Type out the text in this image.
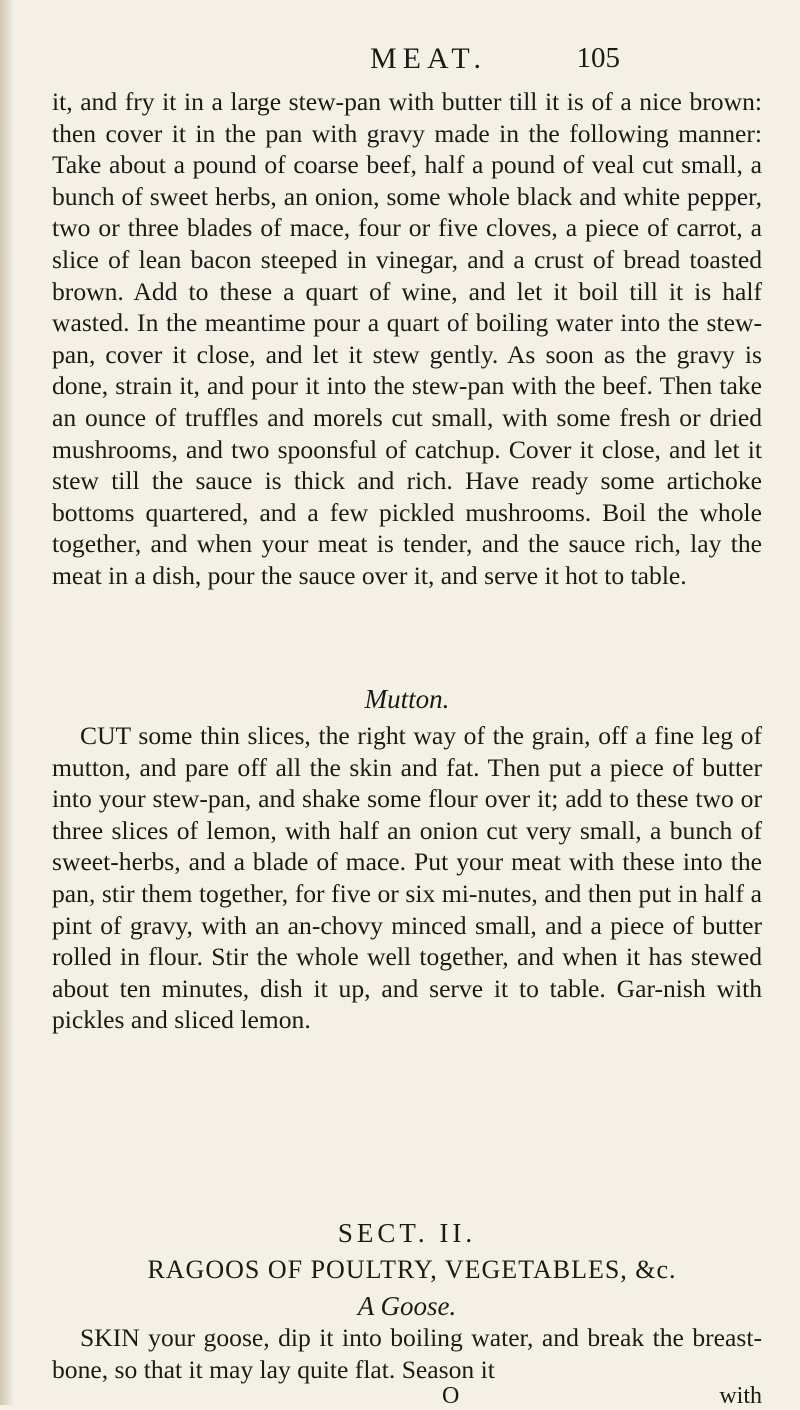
MEAT.	105

it, and fry it in a large stew-pan with butter till it is of a nice brown: then cover it in the pan with gravy made in the following manner: Take about a pound of coarse beef, half a pound of veal cut small, a bunch of sweet herbs, an onion, some whole black and white pepper, two or three blades of mace, four or five cloves, a piece of carrot, a slice of lean bacon steeped in vinegar, and a crust of bread toasted brown. Add to these a quart of wine, and let it boil till it is half wasted. In the meantime pour a quart of boiling water into the stew-pan, cover it close, and let it stew gently. As soon as the gravy is done, strain it, and pour it into the stew-pan with the beef. Then take an ounce of truffles and morels cut small, with some fresh or dried mushrooms, and two spoonsful of catchup. Cover it close, and let it stew till the sauce is thick and rich. Have ready some artichoke bottoms quartered, and a few pickled mushrooms. Boil the whole together, and when your meat is tender, and the sauce rich, lay the meat in a dish, pour the sauce over it, and serve it hot to table.

Mutton.

CUT some thin slices, the right way of the grain, off a fine leg of mutton, and pare off all the skin and fat. Then put a piece of butter into your stew-pan, and shake some flour over it; add to these two or three slices of lemon, with half an onion cut very small, a bunch of sweet-herbs, and a blade of mace. Put your meat with these into the pan, stir them together, for five or six mi-nutes, and then put in half a pint of gravy, with an an-chovy minced small, and a piece of butter rolled in flour. Stir the whole well together, and when it has stewed about ten minutes, dish it up, and serve it to table. Gar-nish with pickles and sliced lemon.

SECT. II.
RAGOOS OF POULTRY, VEGETABLES, &c.
A Goose.

SKIN your goose, dip it into boiling water, and break the breast-bone, so that it may lay quite flat. Season it

O	with
